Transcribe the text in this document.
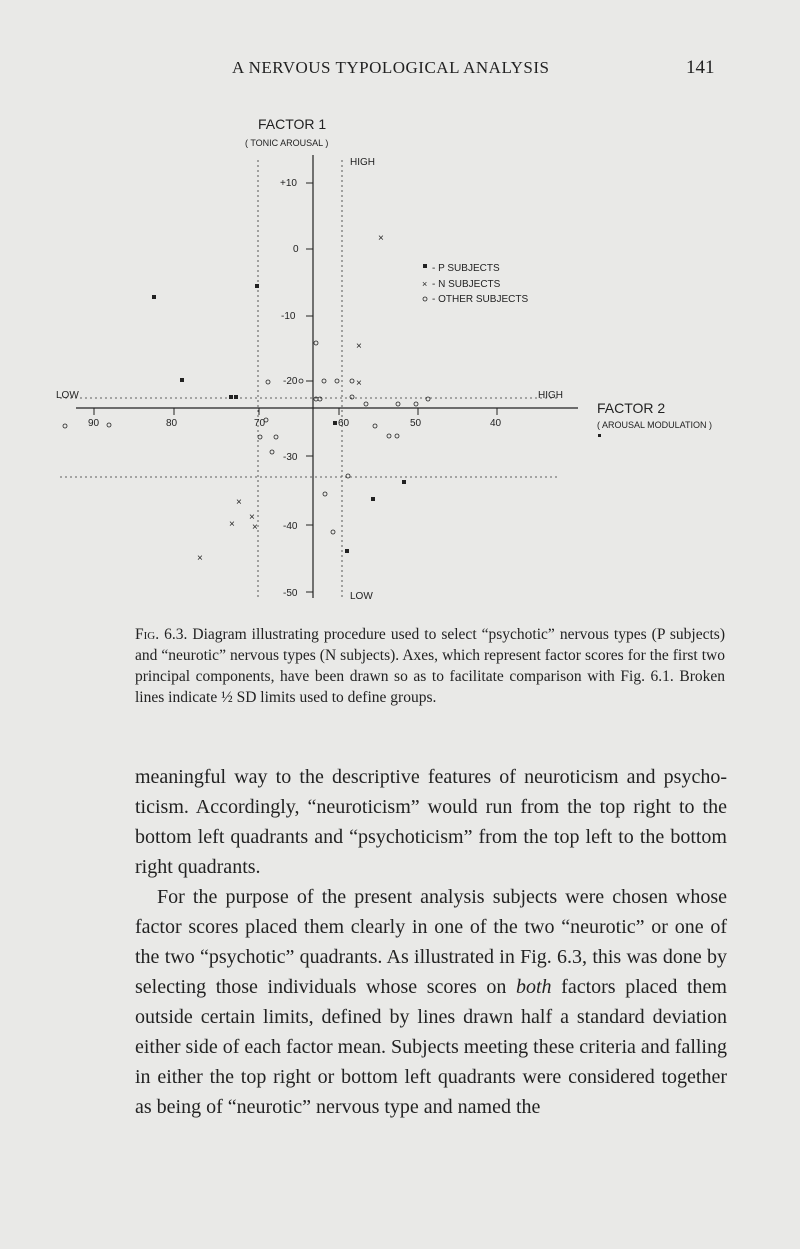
A NERVOUS TYPOLOGICAL ANALYSIS	141
FACTOR 1
( TONIC AROUSAL )
FACTOR 2
( AROUSAL MODULATION )
HIGH
LOW
LOW	HIGH
+10
0
-10
-20
-30
-40
-50
90	80	70	60	50	40
- P SUBJECTS
× - N SUBJECTS
- OTHER SUBJECTS
×
×
×
×
×
× ×
×
Fig. 6.3. Diagram illustrating procedure used to select “psychotic” nervous types (P subjects) and “neurotic” nervous types (N subjects). Axes, which represent factor scores for the first two principal components, have been drawn so as to facilitate comparison with Fig. 6.1. Broken lines indicate ½ SD limits used to define groups.

meaningful way to the descriptive features of neuroticism and psychoticism. Accordingly, “neuroticism” would run from the top right to the bottom left quadrants and “psychoticism” from the top left to the bottom right quadrants.

For the purpose of the present analysis subjects were chosen whose factor scores placed them clearly in one of the two “neurotic” or one of the two “psychotic” quadrants. As illustrated in Fig. 6.3, this was done by selecting those individuals whose scores on both factors placed them outside certain limits, defined by lines drawn half a standard deviation either side of each factor mean. Subjects meeting these criteria and falling in either the top right or bottom left quadrants were considered together as being of “neurotic” nervous type and named the
